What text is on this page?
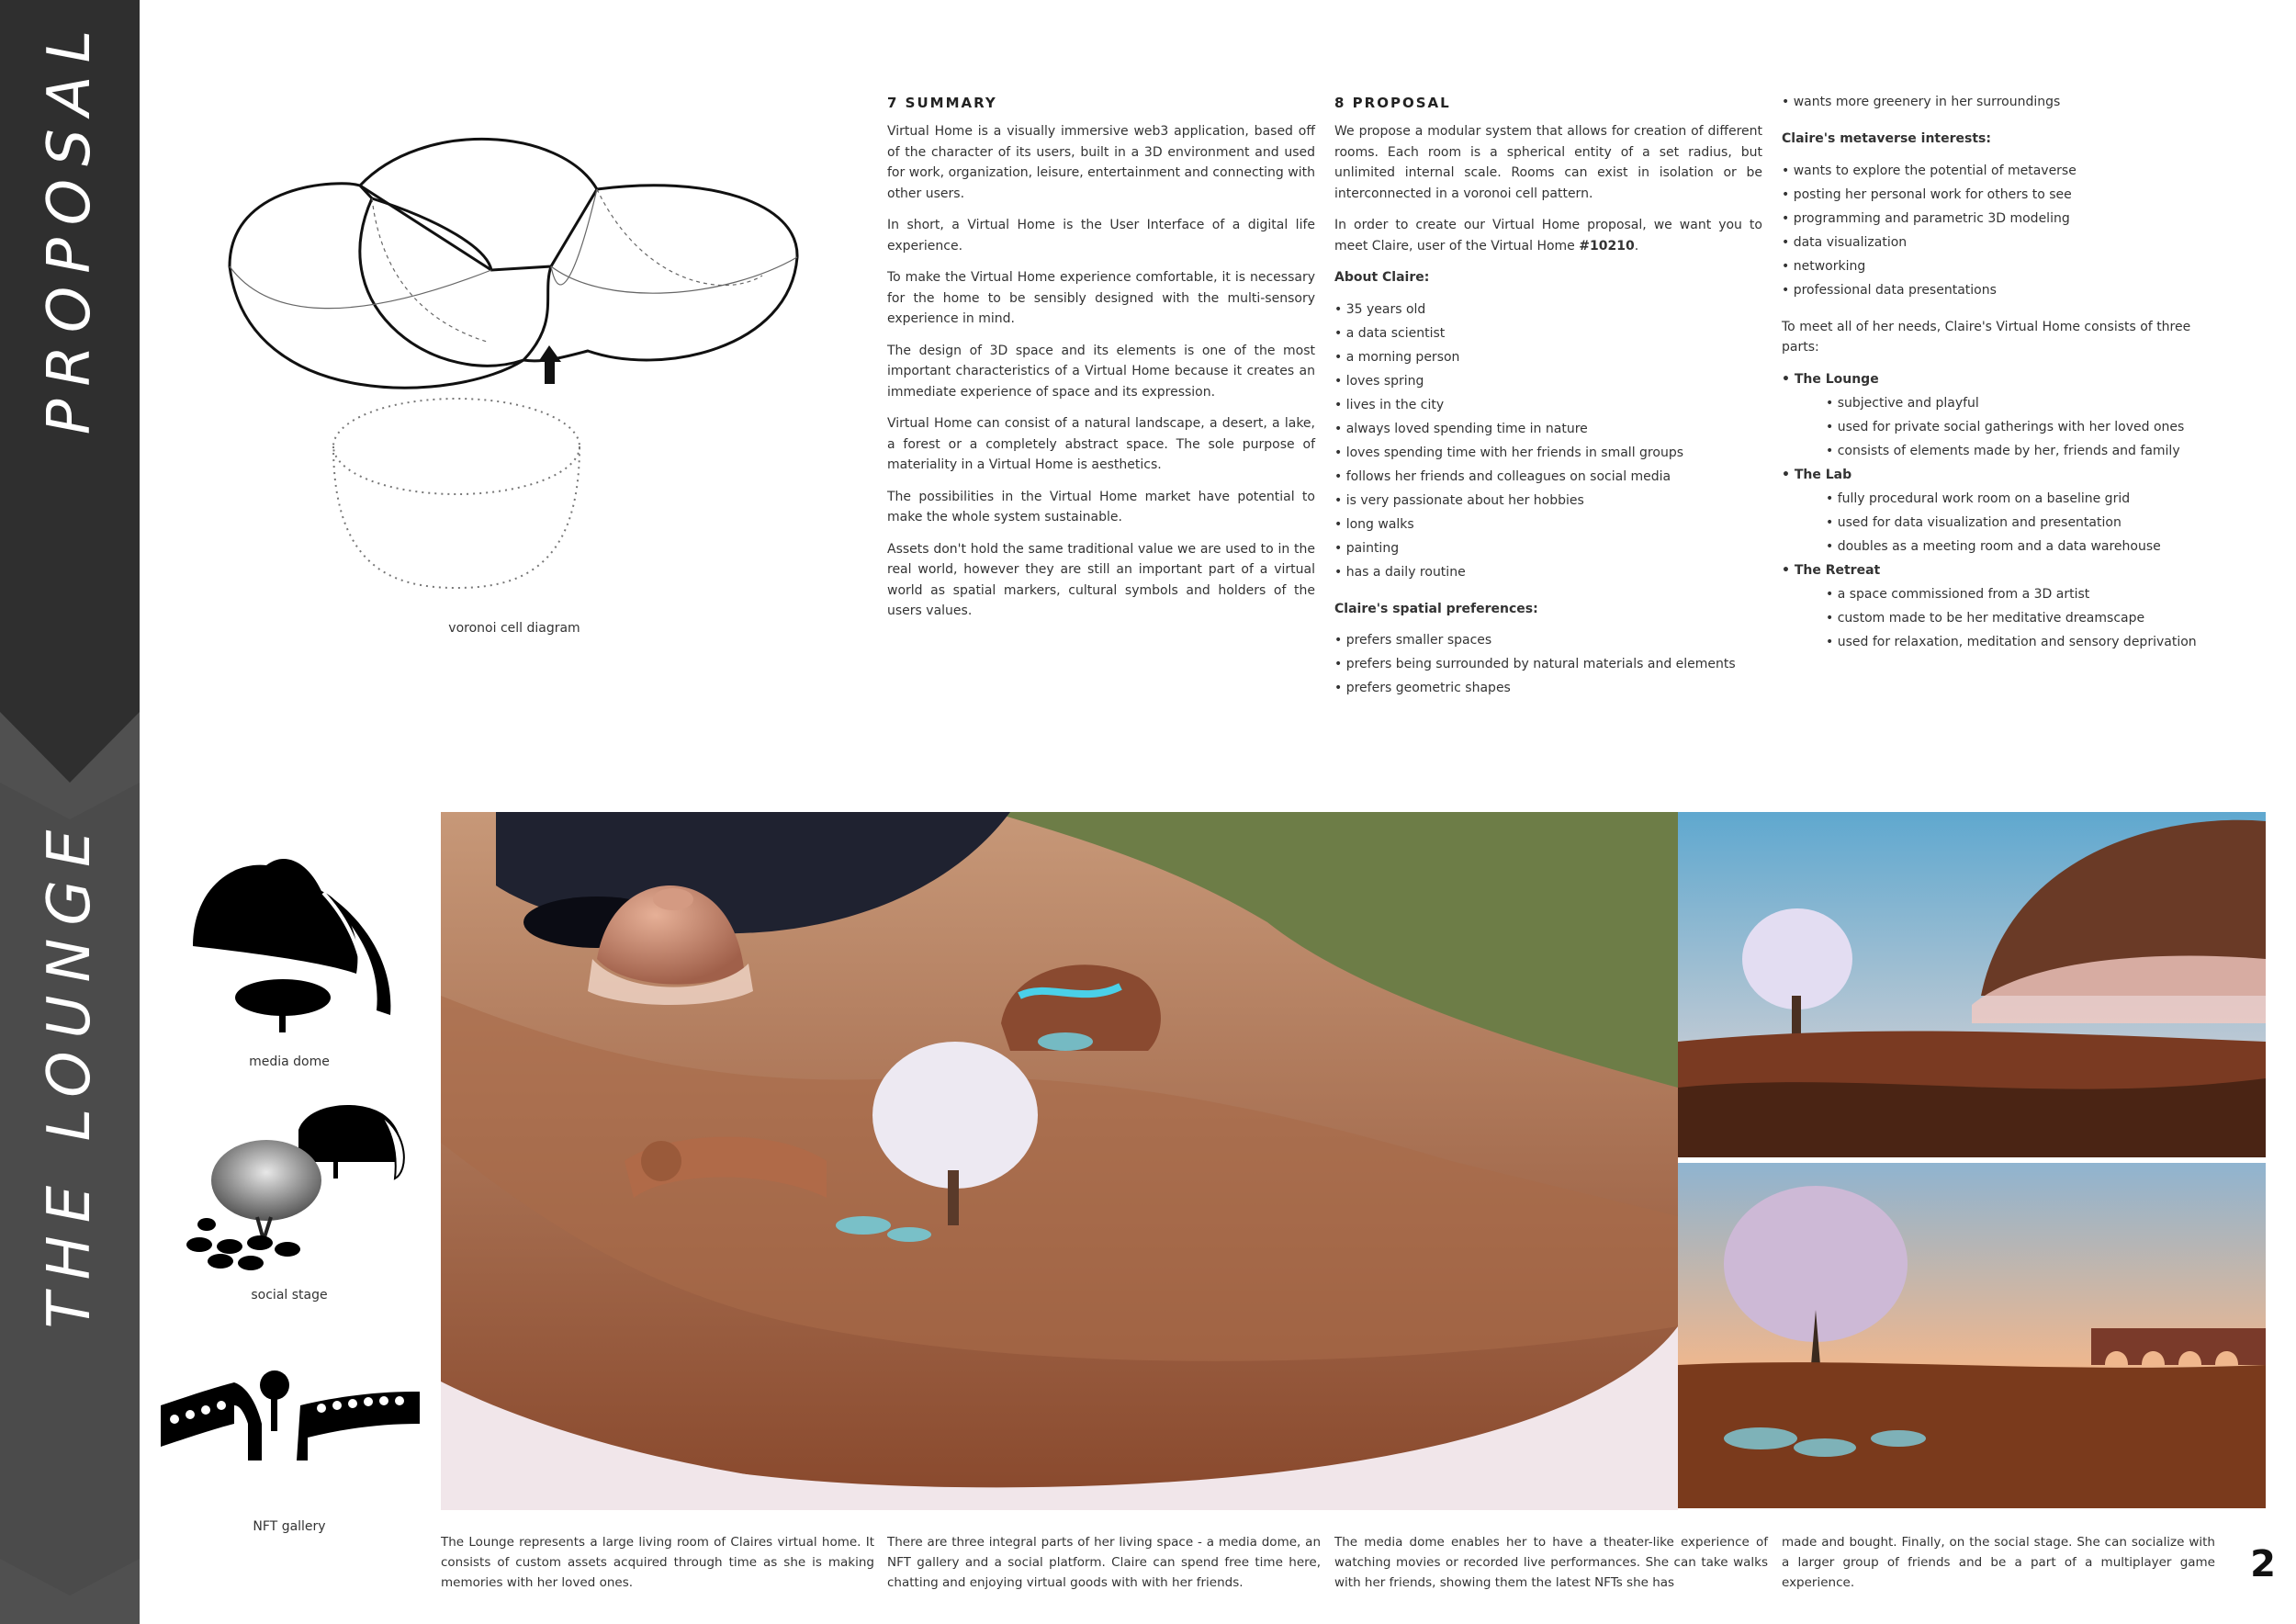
PROPOSAL
THE LOUNGE
voronoi cell diagram
7 SUMMARY

Virtual Home is a visually immersive web3 application, based off of the character of its users, built in a 3D environment and used for work, organization, leisure, entertainment and connecting with other users.

In short, a Virtual Home is the User Interface of a digital life experience.

To make the Virtual Home experience comfortable, it is necessary for the home to be sensibly designed with the multi-sensory experience in mind.

The design of 3D space and its elements is one of the most important characteristics of a Virtual Home because it creates an immediate experience of space and its expression.

Virtual Home can consist of a natural landscape, a desert, a lake, a forest or a completely abstract space. The sole purpose of materiality in a Virtual Home is aesthetics.

The possibilities in the Virtual Home market have potential to make the whole system sustainable.

Assets don't hold the same traditional value we are used to in the real world, however they are still an important part of a virtual world as spatial markers, cultural symbols and holders of the users values.

8 PROPOSAL

We propose a modular system that allows for creation of different rooms. Each room is a spherical entity of a set radius, but unlimited internal scale. Rooms can exist in isolation or be interconnected in a voronoi cell pattern.

In order to create our Virtual Home proposal, we want you to meet Claire, user of the Virtual Home #10210.

About Claire:
• 35 years old
• a data scientist
• a morning person
• loves spring
• lives in the city
• always loved spending time in nature
• loves spending time with her friends in small groups
• follows her friends and colleagues on social media
• is very passionate about her hobbies
• long walks
• painting
• has a daily routine
Claire's spatial preferences:
• prefers smaller spaces
• prefers being surrounded by natural materials and elements
• prefers geometric shapes
• wants more greenery in her surroundings
Claire's metaverse interests:
• wants to explore the potential of metaverse
• posting her personal work for others to see
• programming and parametric 3D modeling
• data visualization
• networking
• professional data presentations

To meet all of her needs, Claire's Virtual Home consists of three parts:

• The Lounge
• subjective and playful
• used for private social gatherings with her loved ones
• consists of elements made by her, friends and family
• The Lab
• fully procedural work room on a baseline grid
• used for data visualization and presentation
• doubles as a meeting room and a data warehouse
• The Retreat
• a space commissioned from a 3D artist
• custom made to be her meditative dreamscape
• used for relaxation, meditation and sensory deprivation
media dome
social stage
NFT gallery
The Lounge represents a large living room of Claires virtual home. It consists of custom assets acquired through time as she is making memories with her loved ones.
There are three integral parts of her living space - a media dome, an NFT gallery and a social platform. Claire can spend free time here, chatting and enjoying virtual goods with with her friends.
The media dome enables her to have a theater-like experience of watching movies or recorded live performances. She can take walks with her friends, showing them the latest NFTs she has
made and bought. Finally, on the social stage. She can socialize with a larger group of friends and be a part of a multiplayer game experience.	2
